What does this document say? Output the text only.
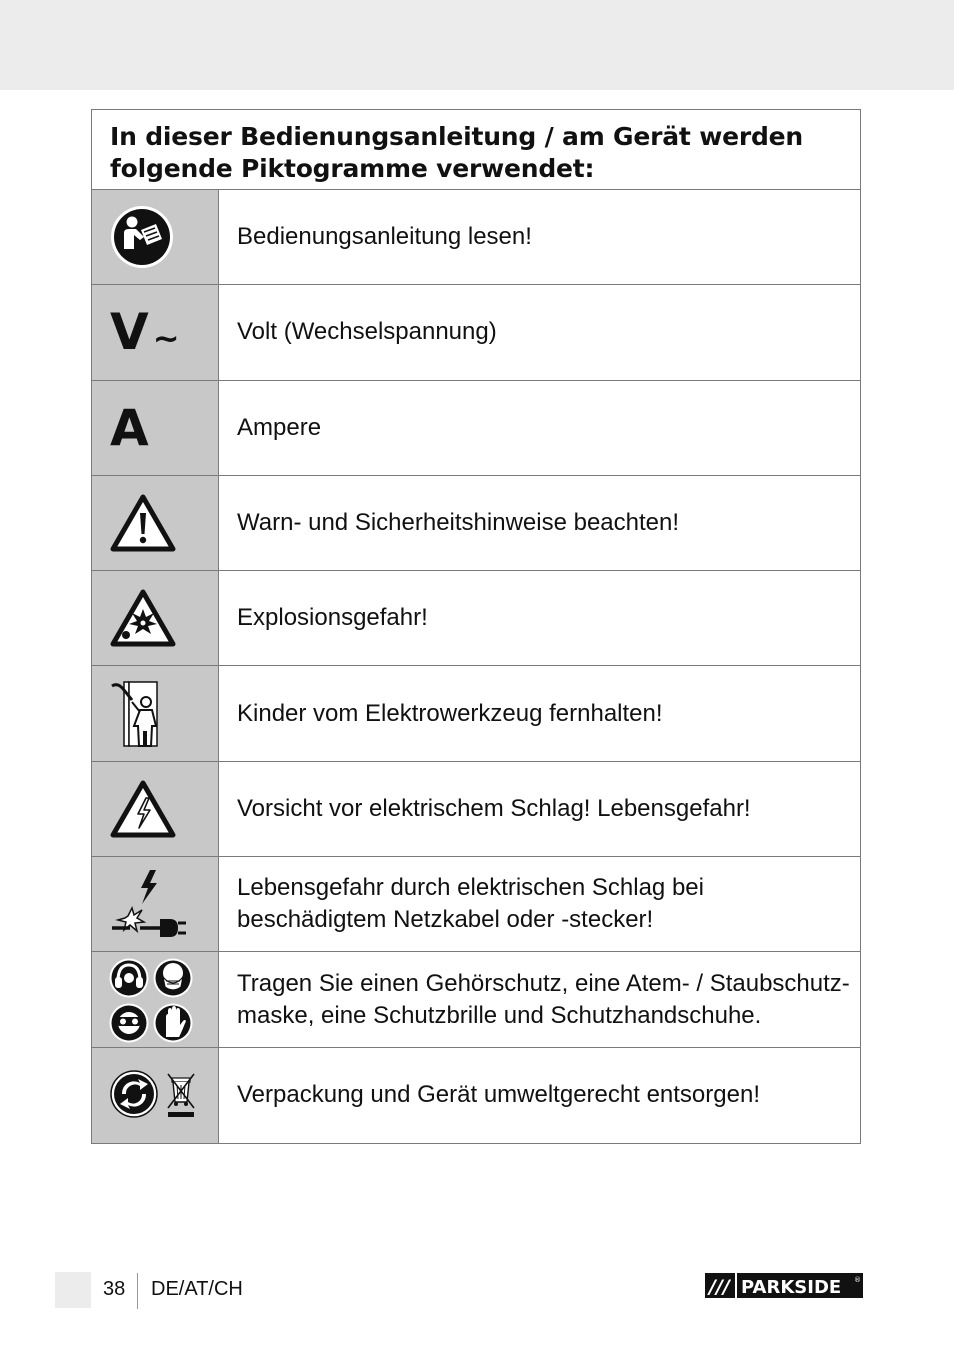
In dieser Bedienungsanleitung / am Gerät werden
folgende Piktogramme verwendet:
Bedienungsanleitung lesen!
V ~ Volt (Wechselspannung)
A	Ampere
Warn- und Sicherheitshinweise beachten!
Explosionsgefahr!
Kinder vom Elektrowerkzeug fernhalten!
Vorsicht vor elektrischem Schlag! Lebensgefahr!
Lebensgefahr durch elektrischen Schlag bei
beschädigtem Netzkabel oder -stecker!
Tragen Sie einen Gehörschutz, eine Atem- / Staubschutz-
maske, eine Schutzbrille und Schutzhandschuhe.
Verpackung und Gerät umweltgerecht entsorgen!
38 DE/AT/CH	/// PARKSIDE ®
